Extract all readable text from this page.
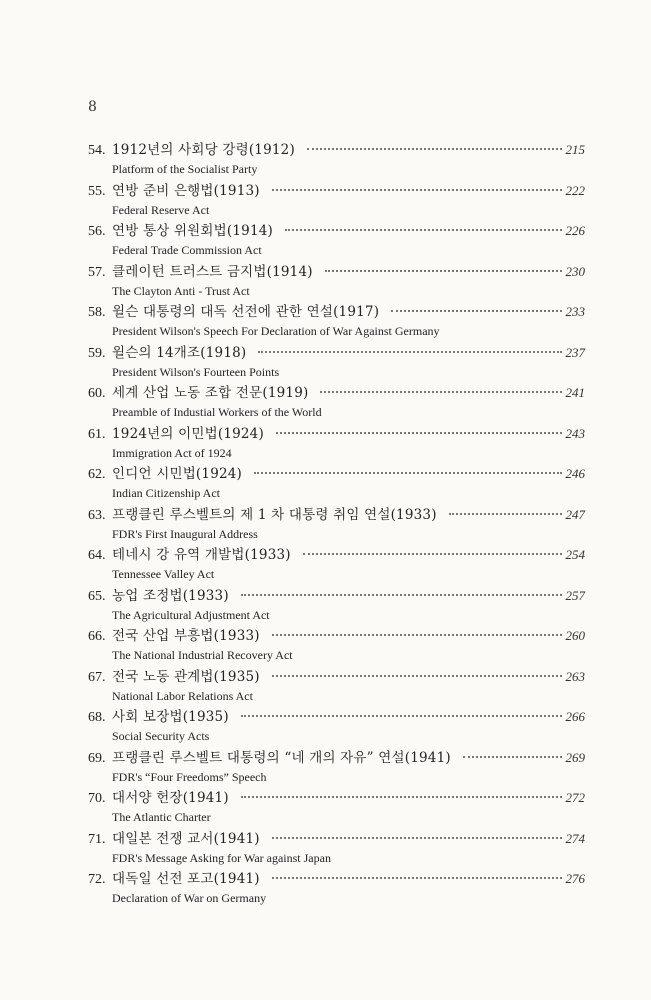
8
54. 1912년의 사회당 강령(1912)	215
Platform of the Socialist Party
55. 연방 준비 은행법(1913)	222
Federal Reserve Act
56. 연방 통상 위원회법(1914)	226
Federal Trade Commission Act
57. 클레이턴 트러스트 금지법(1914)	230
The Clayton Anti - Trust Act
58. 윌슨 대통령의 대독 선전에 관한 연설(1917)	233
President Wilson's Speech For Declaration of War Against Germany
59. 윌슨의 14개조(1918)	237
President Wilson's Fourteen Points
60. 세계 산업 노동 조합 전문(1919)	241
Preamble of Industial Workers of the World
61. 1924년의 이민법(1924)	243
Immigration Act of 1924
62. 인디언 시민법(1924)	246
Indian Citizenship Act
63. 프랭클린 루스벨트의 제 1 차 대통령 취임 연설(1933)	247
FDR's First Inaugural Address
64. 테네시 강 유역 개발법(1933)	254
Tennessee Valley Act
65. 농업 조정법(1933)	257
The Agricultural Adjustment Act
66. 전국 산업 부흥법(1933)	260
The National Industrial Recovery Act
67. 전국 노동 관계법(1935)	263
National Labor Relations Act
68. 사회 보장법(1935)	266
Social Security Acts
69. 프랭클린 루스벨트 대통령의 “네 개의 자유” 연설(1941)	269
FDR's “Four Freedoms” Speech
70. 대서양 헌장(1941)	272
The Atlantic Charter
71. 대일본 전쟁 교서(1941)	274
FDR's Message Asking for War against Japan
72. 대독일 선전 포고(1941)	276
Declaration of War on Germany
